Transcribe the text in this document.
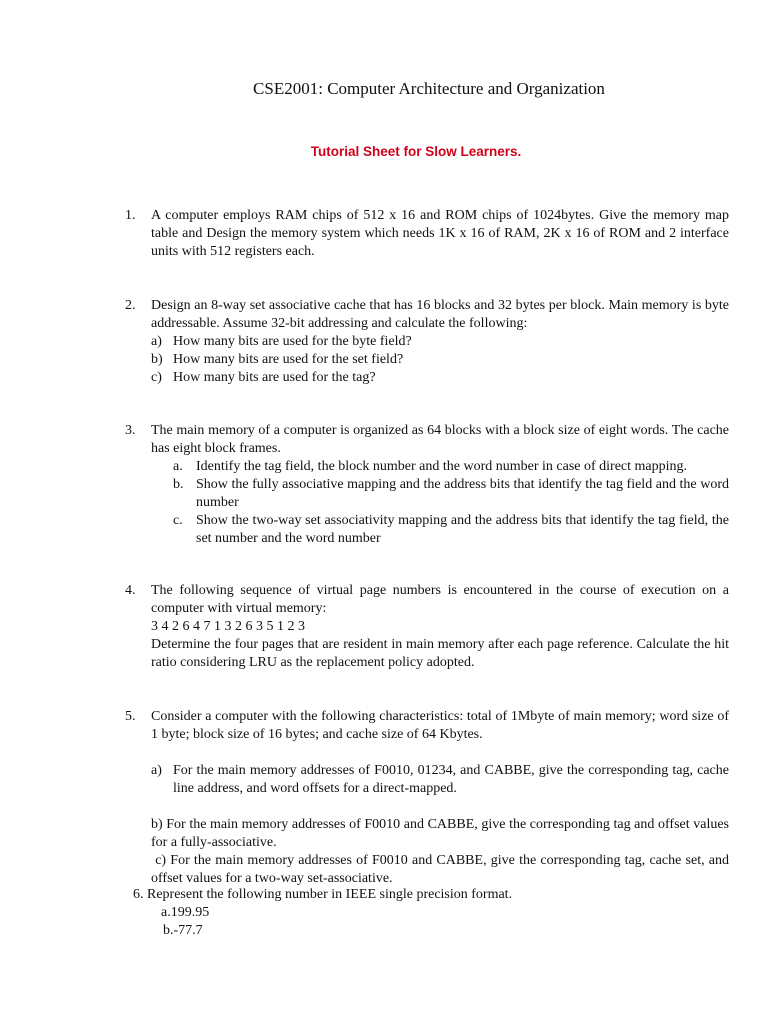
CSE2001: Computer Architecture and Organization
Tutorial Sheet for Slow Learners.
1.	A computer employs RAM chips of 512 x 16 and ROM chips of 1024bytes. Give the memory map table and Design the memory system which needs 1K x 16 of RAM, 2K x 16 of ROM and 2 interface units with 512 registers each.
2.	Design an 8-way set associative cache that has 16 blocks and 32 bytes per block. Main memory is byte addressable. Assume 32-bit addressing and calculate the following:
a) How many bits are used for the byte field?
b) How many bits are used for the set field?
c) How many bits are used for the tag?
3.	The main memory of a computer is organized as 64 blocks with a block size of eight words. The cache has eight block frames.
a. Identify the tag field, the block number and the word number in case of direct mapping.
b. Show the fully associative mapping and the address bits that identify the tag field and the word number
c. Show the two-way set associativity mapping and the address bits that identify the tag field, the set number and the word number
4.	The following sequence of virtual page numbers is encountered in the course of execution on a computer with virtual memory:
3 4 2 6 4 7 1 3 2 6 3 5 1 2 3
Determine the four pages that are resident in main memory after each page reference. Calculate the hit ratio considering LRU as the replacement policy adopted.
5.	Consider a computer with the following characteristics: total of 1Mbyte of main memory; word size of 1 byte; block size of 16 bytes; and cache size of 64 Kbytes.
a) For the main memory addresses of F0010, 01234, and CABBE, give the corresponding tag, cache line address, and word offsets for a direct-mapped.
b) For the main memory addresses of F0010 and CABBE, give the corresponding tag and offset values for a fully-associative.
c) For the main memory addresses of F0010 and CABBE, give the corresponding tag, cache set, and offset values for a two-way set-associative.
6. Represent the following number in IEEE single precision format.
a.199.95
b.-77.7
